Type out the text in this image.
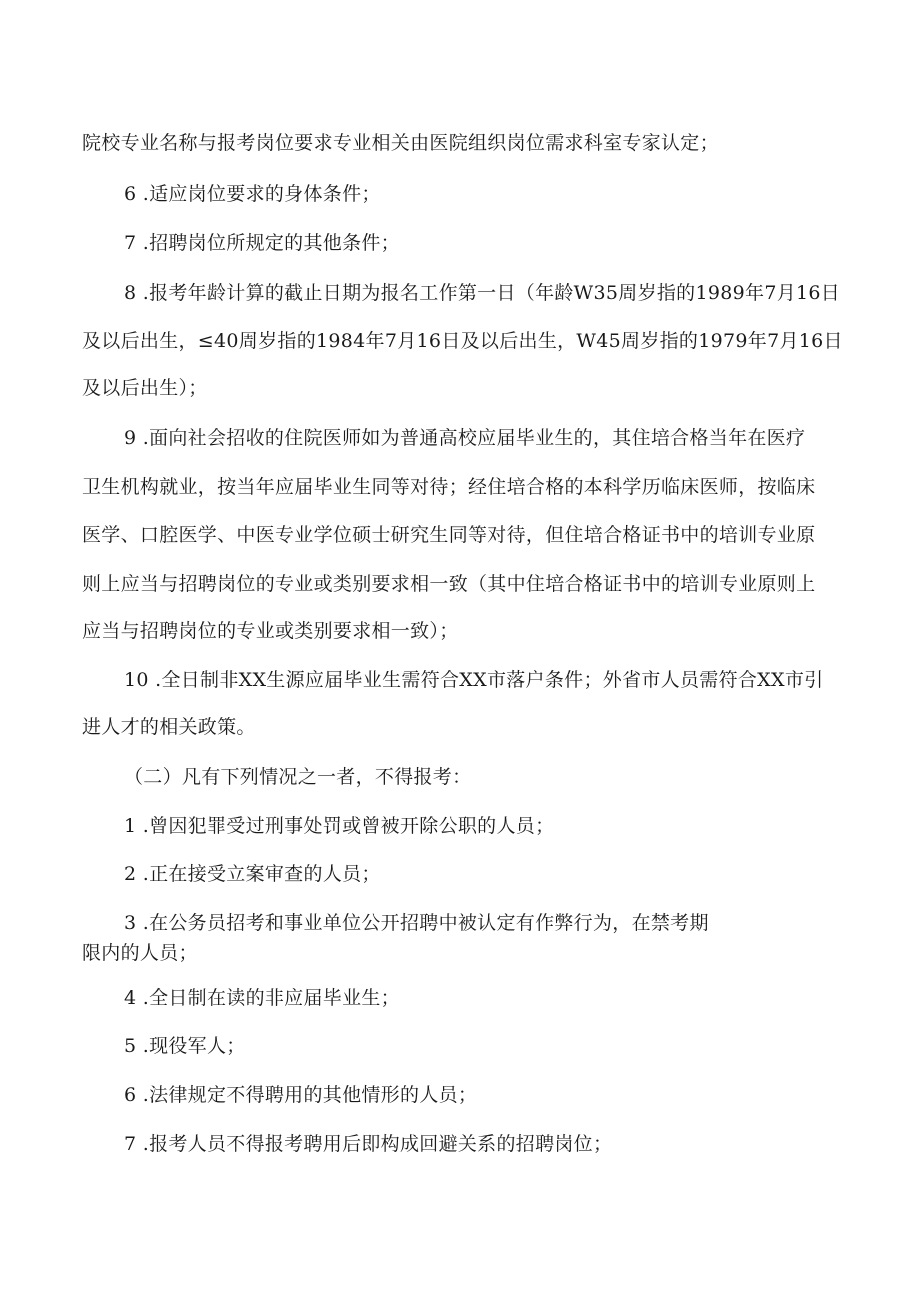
院校专业名称与报考岗位要求专业相关由医院组织岗位需求科室专家认定；
6 .适应岗位要求的身体条件；
7 .招聘岗位所规定的其他条件；
8 .报考年龄计算的截止日期为报名工作第一日（年龄W35周岁指的1989年7月16日
及以后出生，≤40周岁指的1984年7月16日及以后出生，W45周岁指的1979年7月16日
及以后出生）；
9 .面向社会招收的住院医师如为普通高校应届毕业生的，其住培合格当年在医疗
卫生机构就业，按当年应届毕业生同等对待；经住培合格的本科学历临床医师，按临床
医学、口腔医学、中医专业学位硕士研究生同等对待，但住培合格证书中的培训专业原
则上应当与招聘岗位的专业或类别要求相一致（其中住培合格证书中的培训专业原则上
应当与招聘岗位的专业或类别要求相一致）；
10 .全日制非XX生源应届毕业生需符合XX市落户条件；外省市人员需符合XX市引
进人才的相关政策。
（二）凡有下列情况之一者，不得报考：
1 .曾因犯罪受过刑事处罚或曾被开除公职的人员；
2 .正在接受立案审查的人员；
3 .在公务员招考和事业单位公开招聘中被认定有作弊行为，在禁考期
限内的人员；
4 .全日制在读的非应届毕业生；
5 .现役军人；
6 .法律规定不得聘用的其他情形的人员；
7 .报考人员不得报考聘用后即构成回避关系的招聘岗位；
